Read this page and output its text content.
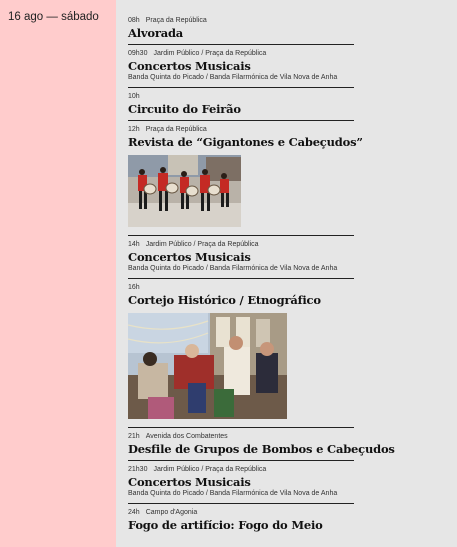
16 ago — sábado	08h Praça da República
Alvorada
09h30 Jardim Público / Praça da República
Concertos Musicais
Banda Quinta do Picado / Banda Filarmónica de Vila Nova de Anha
10h
Circuito do Feirão
12h Praça da República
Revista de “Gigantones e Cabeçudos”
14h Jardim Público / Praça da República
Concertos Musicais
Banda Quinta do Picado / Banda Filarmónica de Vila Nova de Anha
16h
Cortejo Histórico / Etnográfico
21h Avenida dos Combatentes
Desfile de Grupos de Bombos e Cabeçudos
21h30 Jardim Público / Praça da República
Concertos Musicais
Banda Quinta do Picado / Banda Filarmónica de Vila Nova de Anha
24h Campo d'Agonia
Fogo de artifício: Fogo do Meio
